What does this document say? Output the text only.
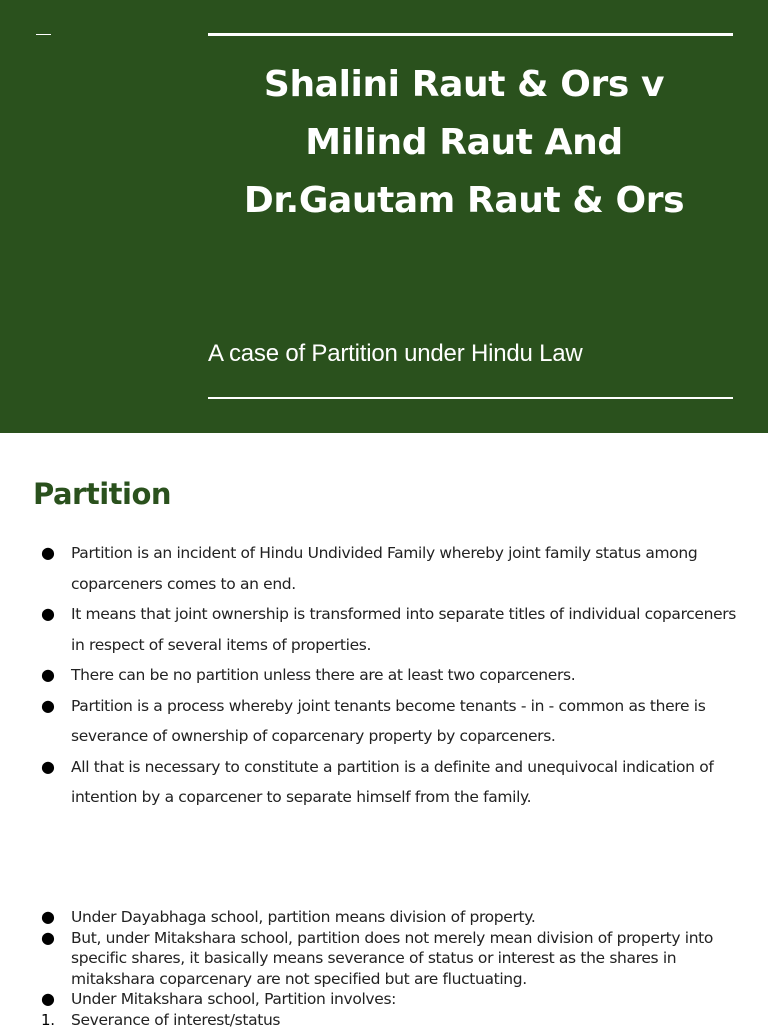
Shalini Raut & Ors v Milind Raut And Dr.Gautam Raut & Ors

A case of Partition under Hindu Law

Partition
● Partition is an incident of Hindu Undivided Family whereby joint family status among coparceners comes to an end.
● It means that joint ownership is transformed into separate titles of individual coparceners in respect of several items of properties.
● There can be no partition unless there are at least two coparceners.
● Partition is a process whereby joint tenants become tenants - in - common as there is severance of ownership of coparcenary property by coparceners.
● All that is necessary to constitute a partition is a definite and unequivocal indication of intention by a coparcener to separate himself from the family.
● Under Dayabhaga school, partition means division of property.
● But, under Mitakshara school, partition does not merely mean division of property into specific shares, it basically means severance of status or interest as the shares in mitakshara coparcenary are not specified but are fluctuating.
● Under Mitakshara school, Partition involves:
1. Severance of interest/status
